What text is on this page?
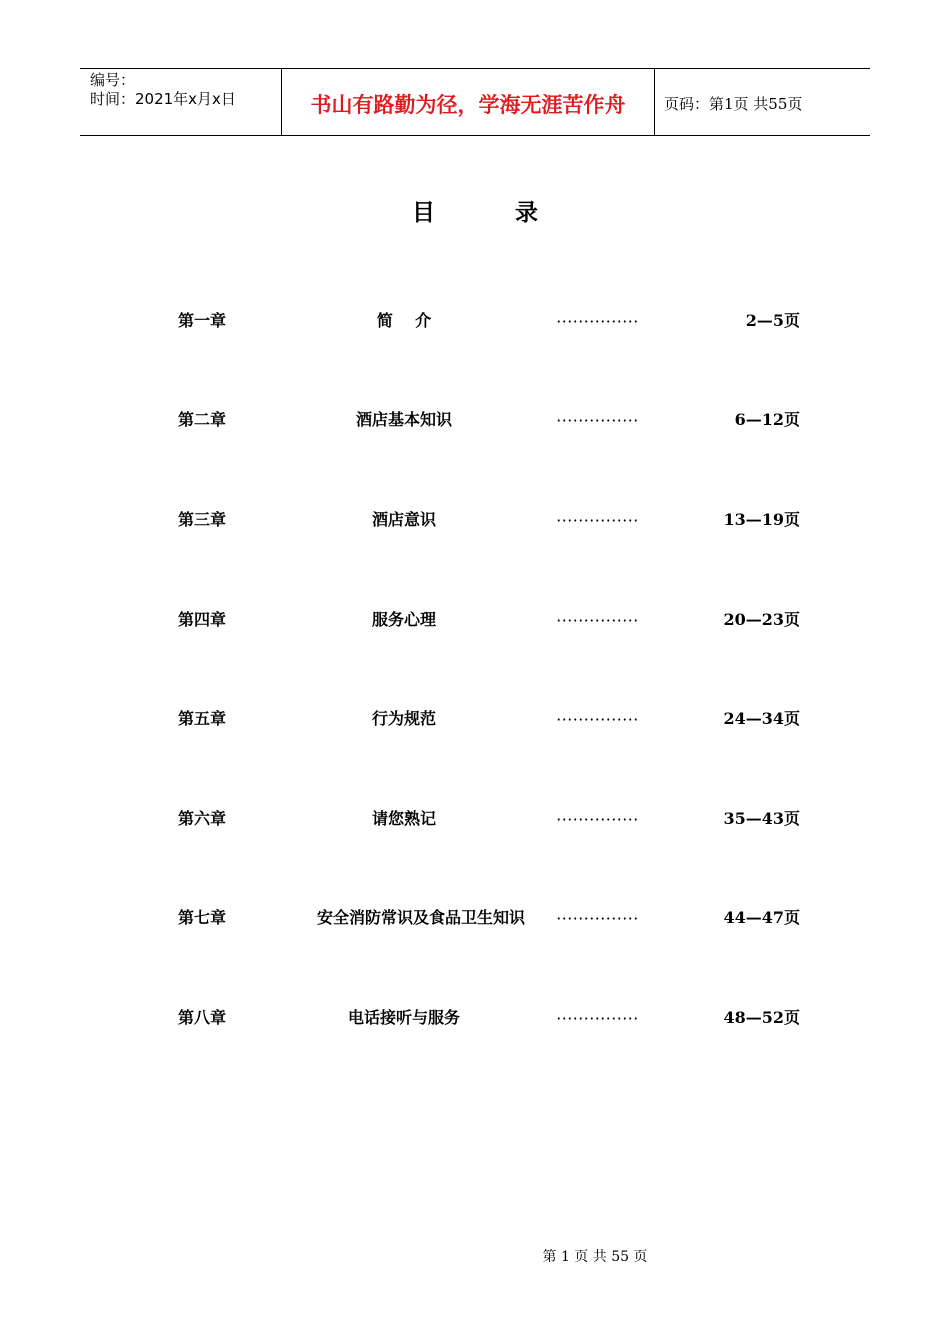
编号：
时间：2021年x月x日	书山有路勤为径，学海无涯苦作舟	页码：第1页 共55页
目          录
第一章	简    介	2—5页
第二章	酒店基本知识	6—12页
第三章	酒店意识	13—19页
第四章	服务心理	20—23页
第五章	行为规范	24—34页
第六章	请您熟记	35—43页
第七章	安全消防常识及食品卫生知识	44—47页
第八章	电话接听与服务	48—52页
第 1 页 共 55 页
